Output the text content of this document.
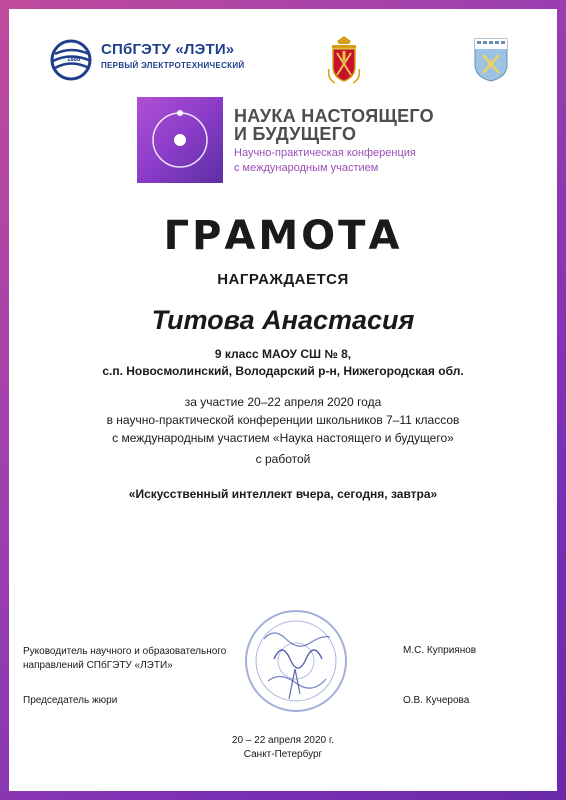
1886
СПбГЭТУ «ЛЭТИ»
ПЕРВЫЙ ЭЛЕКТРОТЕХНИЧЕСКИЙ
НАУКА НАСТОЯЩЕГО
И БУДУЩЕГО
Научно-практическая конференция
с международным участием
ГРАМОТА
НАГРАЖДАЕТСЯ
Титова Анастасия
9 класс МАОУ СШ № 8,
с.п. Новосмолинский, Володарский р-н, Нижегородская обл.
за участие 20–22 апреля 2020 года
в научно-практической конференции школьников 7–11 классов
с международным участием «Наука настоящего и будущего»
с работой
«Искусственный интеллект вчера, сегодня, завтра»
Руководитель научного и образовательного
направлений СПбГЭТУ «ЛЭТИ»
М.С. Куприянов
Председатель жюри	О.В. Кучерова
20 – 22 апреля 2020 г.
Санкт-Петербург
